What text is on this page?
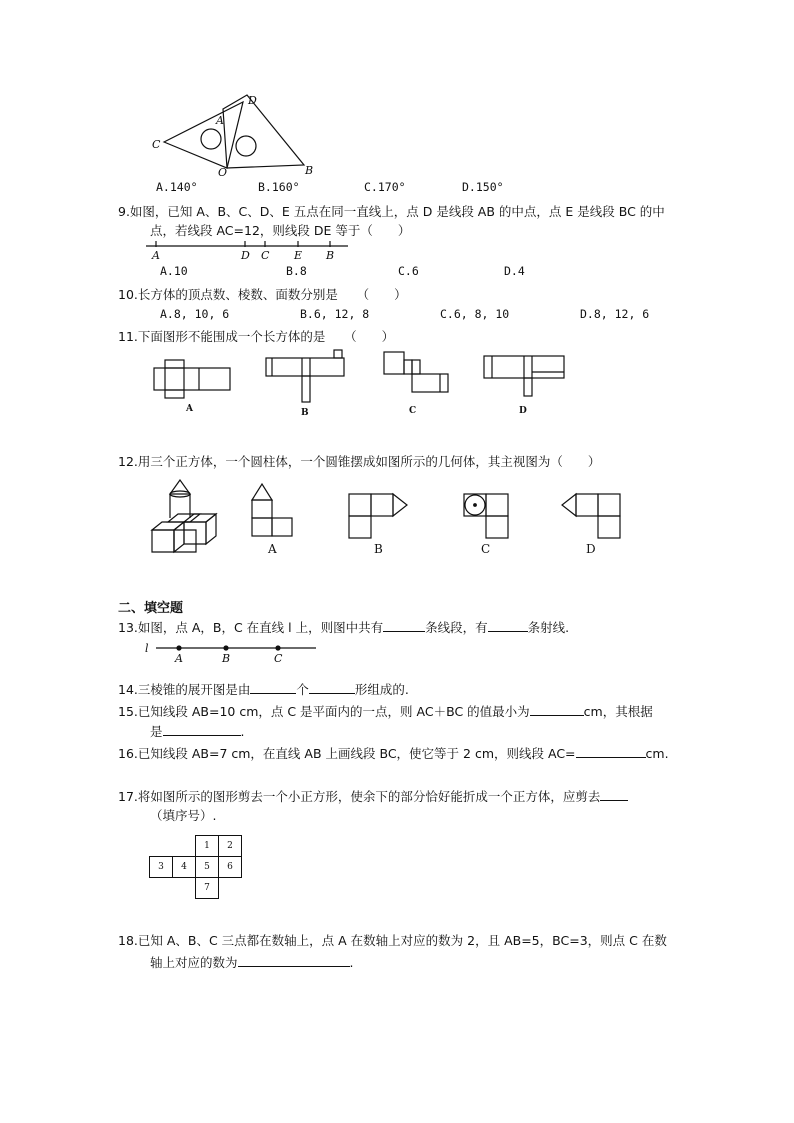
C
A
D
O	B
A.140°	B.160°	C.170°	D.150°
9.如图，已知 A、B、C、D、E 五点在同一直线上，点 D 是线段 AB 的中点，点 E 是线段 BC 的中
点，若线段 AC=12，则线段 DE 等于（　　）
A	D C E B
A.10	B.8	C.6	D.4
10.长方体的顶点数、棱数、面数分别是　　（　　）
A.8, 10, 6	B.6, 12, 8	C.6, 8, 10	D.8, 12, 6
11.下面图形不能围成一个长方体的是　　（　　）
A	B	C	D
12.用三个正方体，一个圆柱体，一个圆锥摆成如图所示的几何体，其主视图为（　　）
A	B	C	D
二、填空题
13.如图，点 A，B，C 在直线 l 上，则图中共有	条线段，有	条射线.
l
A	B	C
14.三棱锥的展开图是由	个	形组成的.
15.已知线段 AB=10 cm，点 C 是平面内的一点，则 AC＋BC 的值最小为	cm，其根据
是	.
16.已知线段 AB=7 cm，在直线 AB 上画线段 BC，使它等于 2 cm，则线段 AC=	cm.
17.将如图所示的图形剪去一个小正方形，使余下的部分恰好能折成一个正方体，应剪去
（填序号）.
		1	2
3	4	5	6
		7	
18.已知 A、B、C 三点都在数轴上，点 A 在数轴上对应的数为 2，且 AB=5，BC=3，则点 C 在数
轴上对应的数为	.
